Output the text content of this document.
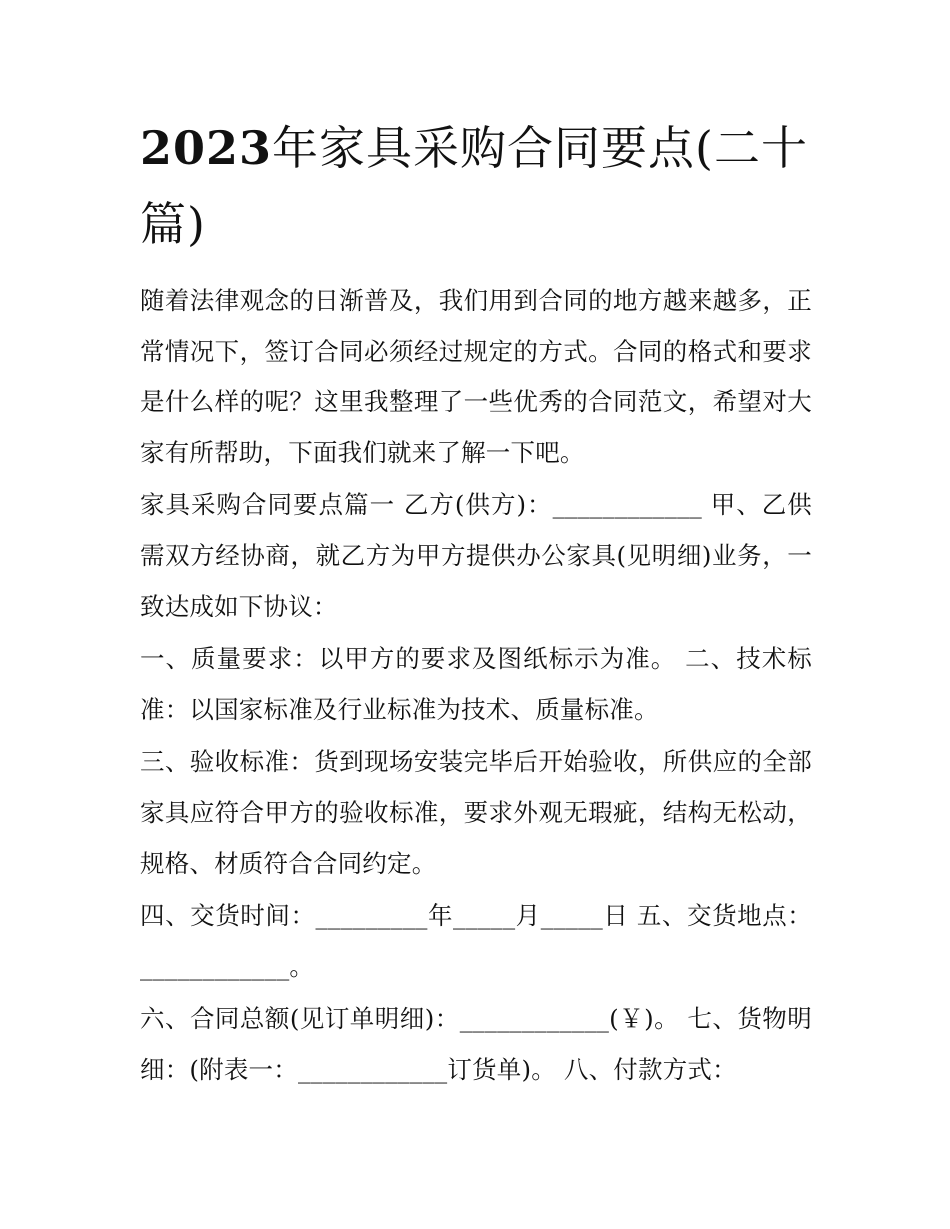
2023年家具采购合同要点(二十篇)

随着法律观念的日渐普及，我们用到合同的地方越来越多，正常情况下，签订合同必须经过规定的方式。合同的格式和要求是什么样的呢？这里我整理了一些优秀的合同范文，希望对大家有所帮助，下面我们就来了解一下吧。

家具采购合同要点篇一 乙方(供方)：____________ 甲、乙供需双方经协商，就乙方为甲方提供办公家具(见明细)业务，一致达成如下协议：

一、质量要求：以甲方的要求及图纸标示为准。 二、技术标准：以国家标准及行业标准为技术、质量标准。

三、验收标准：货到现场安装完毕后开始验收，所供应的全部家具应符合甲方的验收标准，要求外观无瑕疵，结构无松动，规格、材质符合合同约定。

四、交货时间：_________年_____月_____日 五、交货地点：____________。

六、合同总额(见订单明细)：____________(￥)。 七、货物明细：(附表一：____________订货单)。 八、付款方式：
